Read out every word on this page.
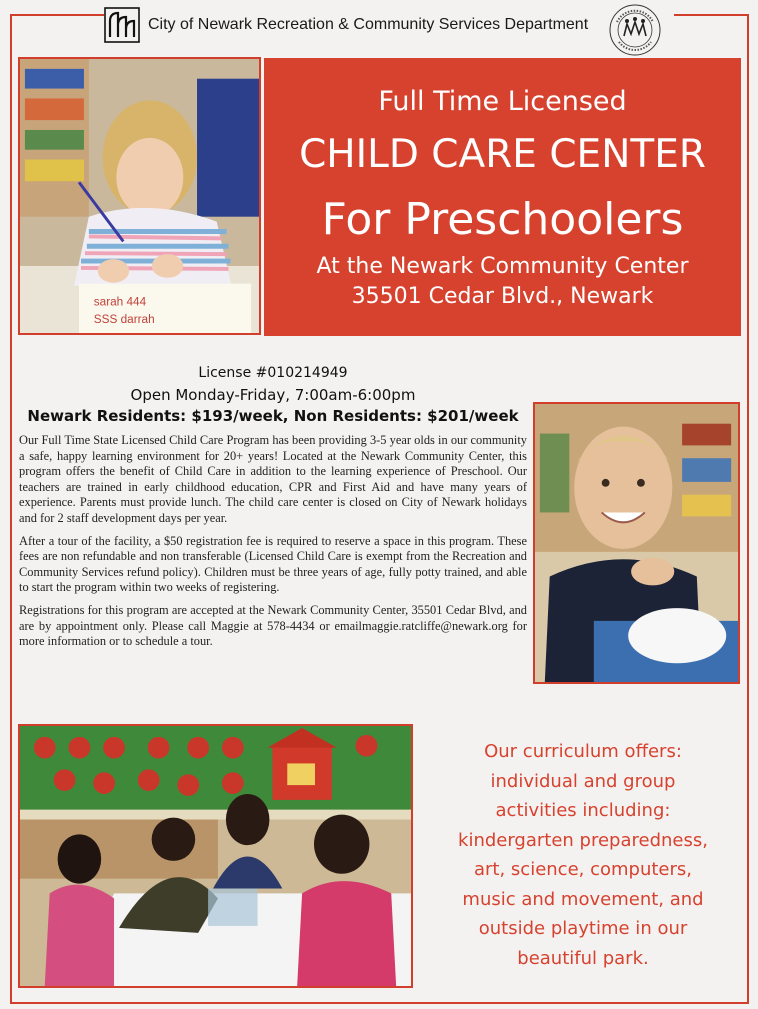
City of Newark Recreation & Community Services Department
sarah 444
SSS darrah
Full Time Licensed
CHILD CARE CENTER
For Preschoolers
At the Newark Community Center
35501 Cedar Blvd., Newark
License #010214949
Open Monday-Friday, 7:00am-6:00pm
Newark Residents: $193/week, Non Residents: $201/week

Our Full Time State Licensed Child Care Program has been providing 3-5 year olds in our community a safe, happy learning environment for 20+ years! Located at the Newark Community Center, this program offers the benefit of Child Care in addition to the learning experience of Preschool. Our teachers are trained in early childhood education, CPR and First Aid and have many years of experience. Parents must provide lunch. The child care center is closed on City of Newark holidays and for 2 staff development days per year.

After a tour of the facility, a $50 registration fee is required to reserve a space in this program. These fees are non refundable and non transferable (Licensed Child Care is exempt from the Recreation and Community Services refund policy). Children must be three years of age, fully potty trained, and able to start the program within two weeks of registering.

Registrations for this program are accepted at the Newark Community Center, 35501 Cedar Blvd, and are by appointment only. Please call Maggie at 578-4434 or emailmaggie.ratcliffe@newark.org for more information or to schedule a tour.

Our curriculum offers:
individual and group
activities including:
kindergarten preparedness,
art, science, computers,
music and movement, and
outside playtime in our
beautiful park.
